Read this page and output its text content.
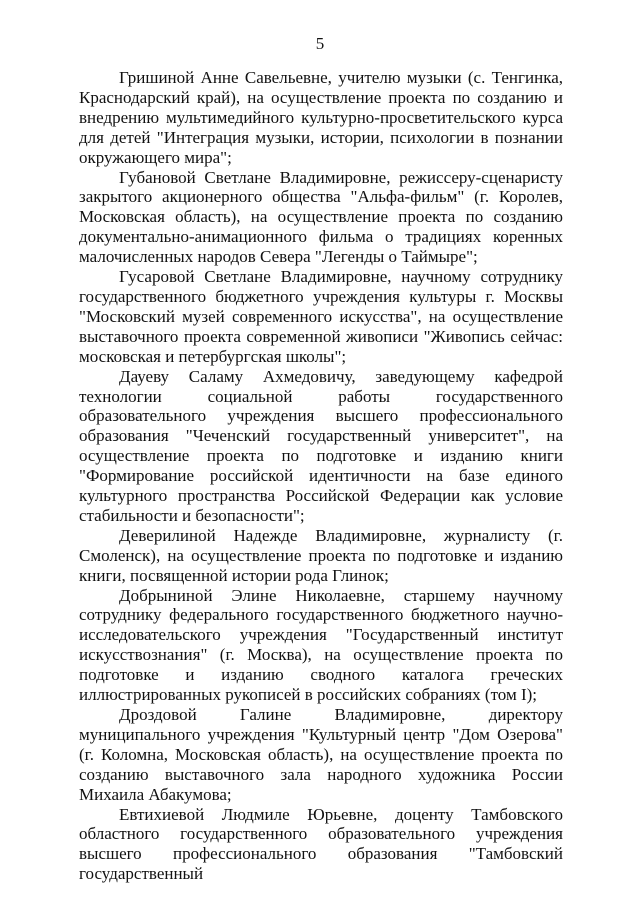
5

Гришиной Анне Савельевне, учителю музыки (с. Тенгинка, Краснодарский край), на осуществление проекта по созданию и внедрению мультимедийного культурно-просветительского курса для детей "Интеграция музыки, истории, психологии в познании окружающего мира";

Губановой Светлане Владимировне, режиссеру-сценаристу закрытого акционерного общества "Альфа-фильм" (г. Королев, Московская область), на осуществление проекта по созданию документально-анимационного фильма о традициях коренных малочисленных народов Севера "Легенды о Таймыре";

Гусаровой Светлане Владимировне, научному сотруднику государственного бюджетного учреждения культуры г. Москвы "Московский музей современного искусства", на осуществление выставочного проекта современной живописи "Живопись сейчас: московская и петербургская школы";

Дауеву Саламу Ахмедовичу, заведующему кафедрой технологии социальной работы государственного образовательного учреждения высшего профессионального образования "Чеченский государственный университет", на осуществление проекта по подготовке и изданию книги "Формирование российской идентичности на базе единого культурного пространства Российской Федерации как условие стабильности и безопасности";

Деверилиной Надежде Владимировне, журналисту (г. Смоленск), на осуществление проекта по подготовке и изданию книги, посвященной истории рода Глинок;

Добрыниной Элине Николаевне, старшему научному сотруднику федерального государственного бюджетного научно-исследовательского учреждения "Государственный институт искусствознания" (г. Москва), на осуществление проекта по подготовке и изданию сводного каталога греческих иллюстрированных рукописей в российских собраниях (том I);

Дроздовой Галине Владимировне, директору муниципального учреждения "Культурный центр "Дом Озерова" (г. Коломна, Московская область), на осуществление проекта по созданию выставочного зала народного художника России Михаила Абакумова;

Евтихиевой Людмиле Юрьевне, доценту Тамбовского областного государственного образовательного учреждения высшего профессионального образования "Тамбовский государственный
